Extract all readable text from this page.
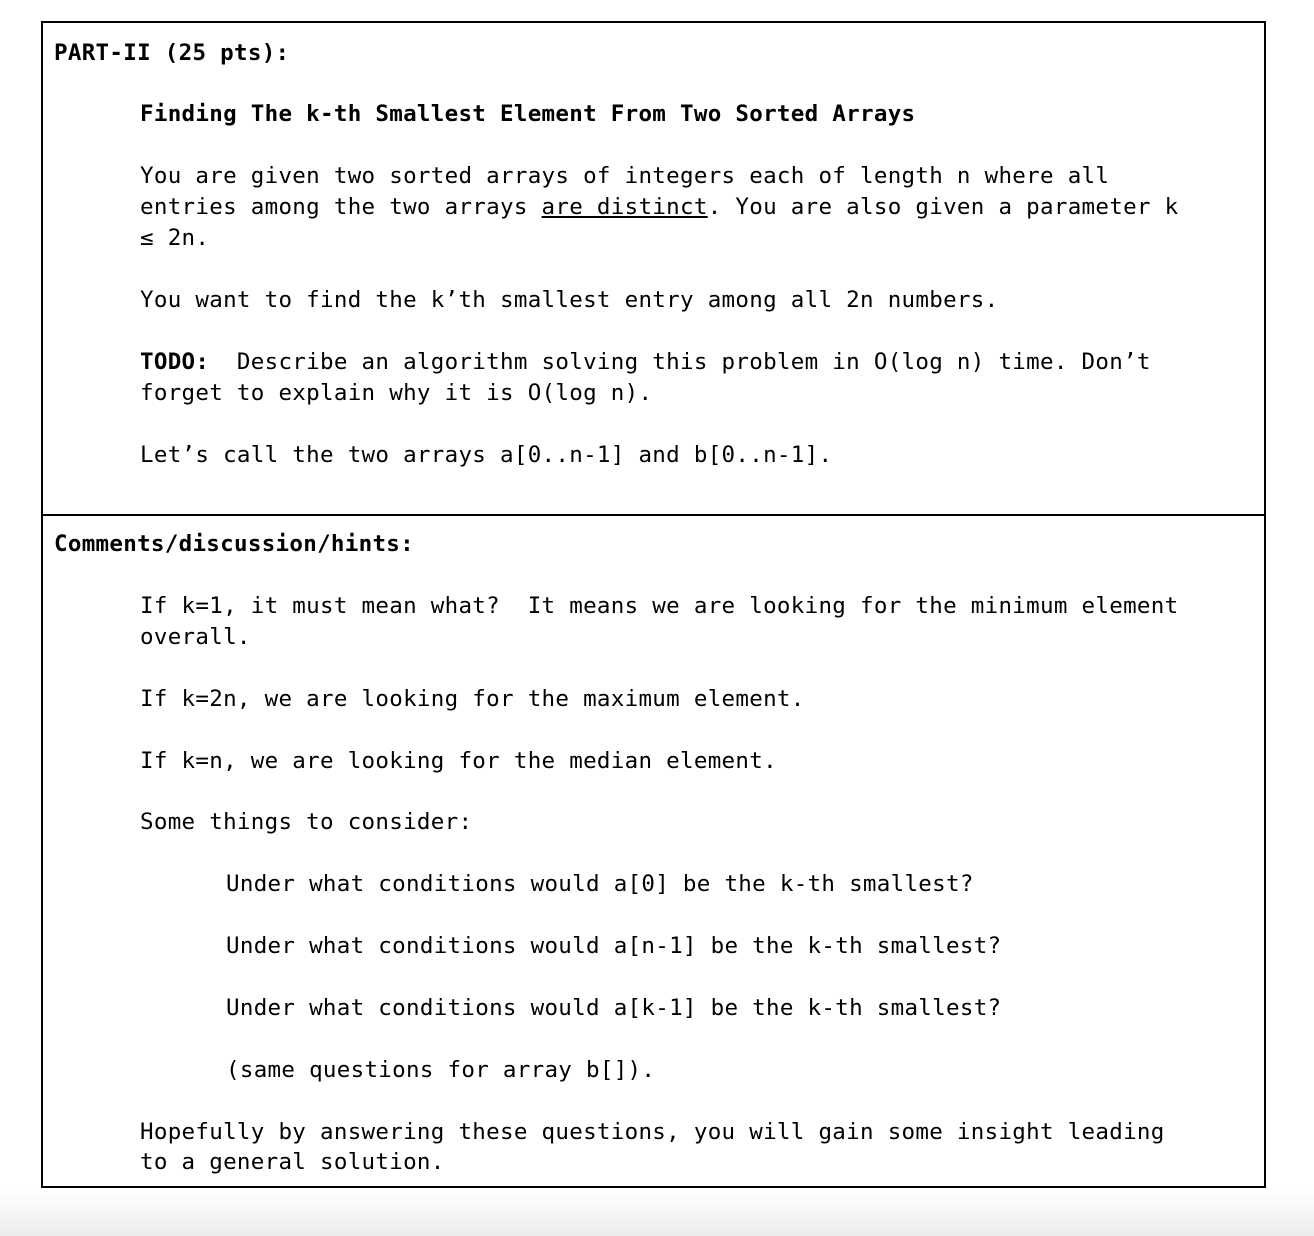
PART-II (25 pts):
Finding The k-th Smallest Element From Two Sorted Arrays
You are given two sorted arrays of integers each of length n where all
entries among the two arrays are distinct. You are also given a parameter k
≤ 2n.
You want to find the k’th smallest entry among all 2n numbers.
TODO:  Describe an algorithm solving this problem in O(log n) time. Don’t
forget to explain why it is O(log n).
Let’s call the two arrays a[0..n-1] and b[0..n-1].
Comments/discussion/hints:
If k=1, it must mean what?  It means we are looking for the minimum element
overall.
If k=2n, we are looking for the maximum element.
If k=n, we are looking for the median element.
Some things to consider:
Under what conditions would a[0] be the k-th smallest?
Under what conditions would a[n-1] be the k-th smallest?
Under what conditions would a[k-1] be the k-th smallest?
(same questions for array b[]).
Hopefully by answering these questions, you will gain some insight leading
to a general solution.
